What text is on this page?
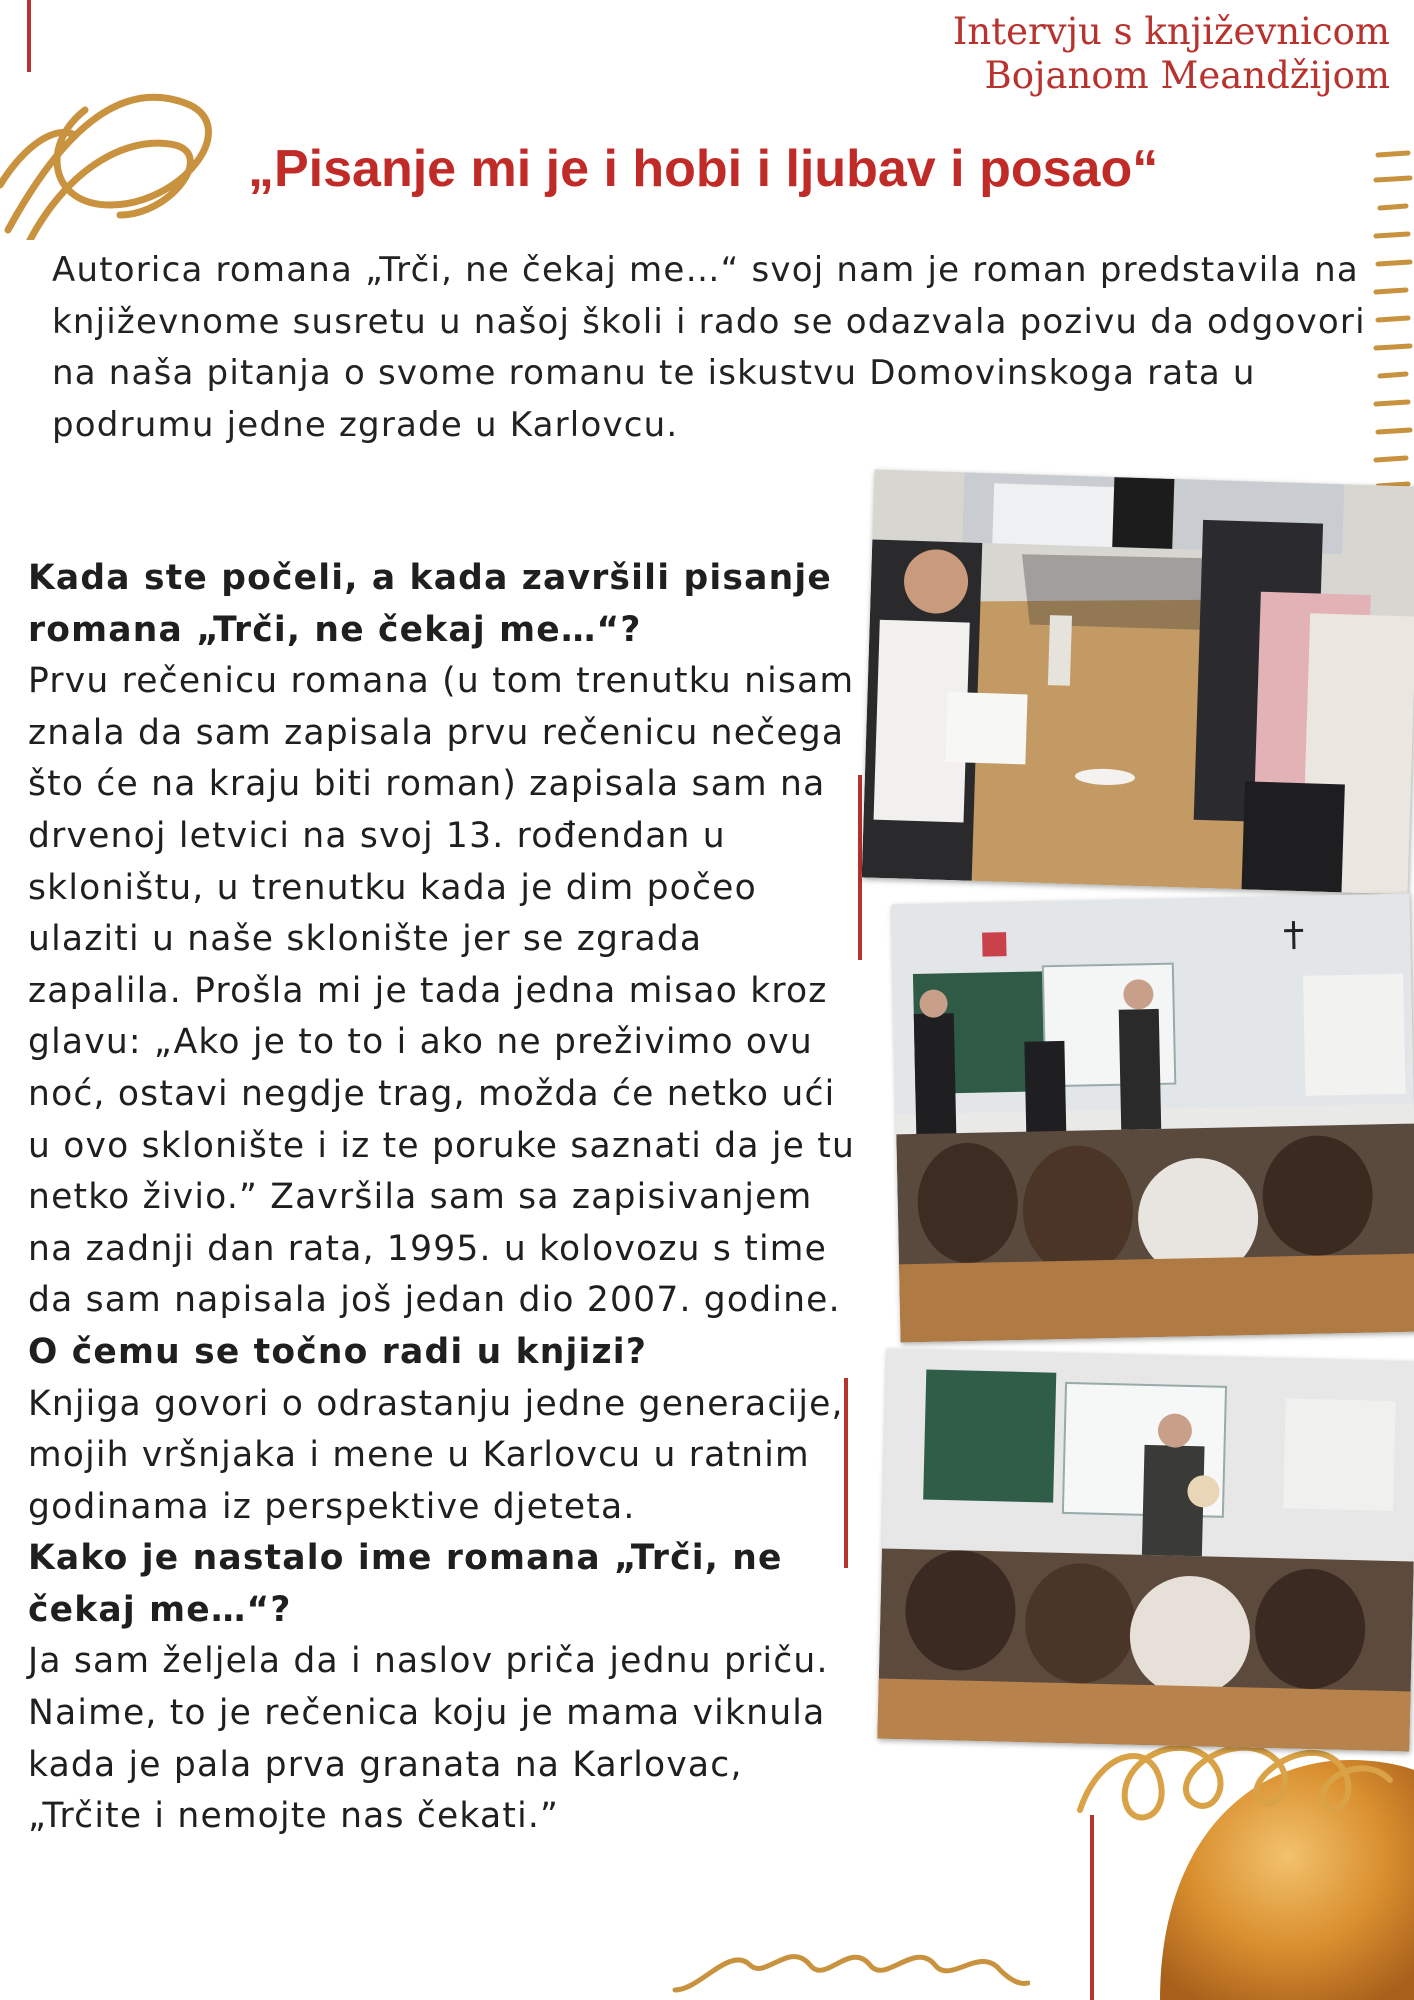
Intervju s književnicom
Bojanom Meandžijom
„Pisanje mi je i hobi i ljubav i posao“

Autorica romana „Trči, ne čekaj me…“ svoj nam je roman predstavila na književnome susretu u našoj školi i rado se odazvala pozivu da odgovori na naša pitanja o svome romanu te iskustvu Domovinskoga rata u podrumu jedne zgrade u Karlovcu.

Kada ste počeli, a kada završili pisanje romana „Trči, ne čekaj me…“?

Prvu rečenicu romana (u tom trenutku nisam znala da sam zapisala prvu rečenicu nečega što će na kraju biti roman) zapisala sam na drvenoj letvici na svoj 13. rođendan u skloništu, u trenutku kada je dim počeo ulaziti u naše sklonište jer se zgrada zapalila. Prošla mi je tada jedna misao kroz glavu: „Ako je to to i ako ne preživimo ovu noć, ostavi negdje trag, možda će netko ući u ovo sklonište i iz te poruke saznati da je tu netko živio.” Završila sam sa zapisivanjem na zadnji dan rata, 1995. u kolovozu s time da sam napisala još jedan dio 2007. godine.

O čemu se točno radi u knjizi?

Knjiga govori o odrastanju jedne generacije, mojih vršnjaka i mene u Karlovcu u ratnim godinama iz perspektive djeteta.

Kako je nastalo ime romana „Trči, ne čekaj me…“?

Ja sam željela da i naslov priča jednu priču. Naime, to je rečenica koju je mama viknula kada je pala prva granata na Karlovac, „Trčite i nemojte nas čekati.”
